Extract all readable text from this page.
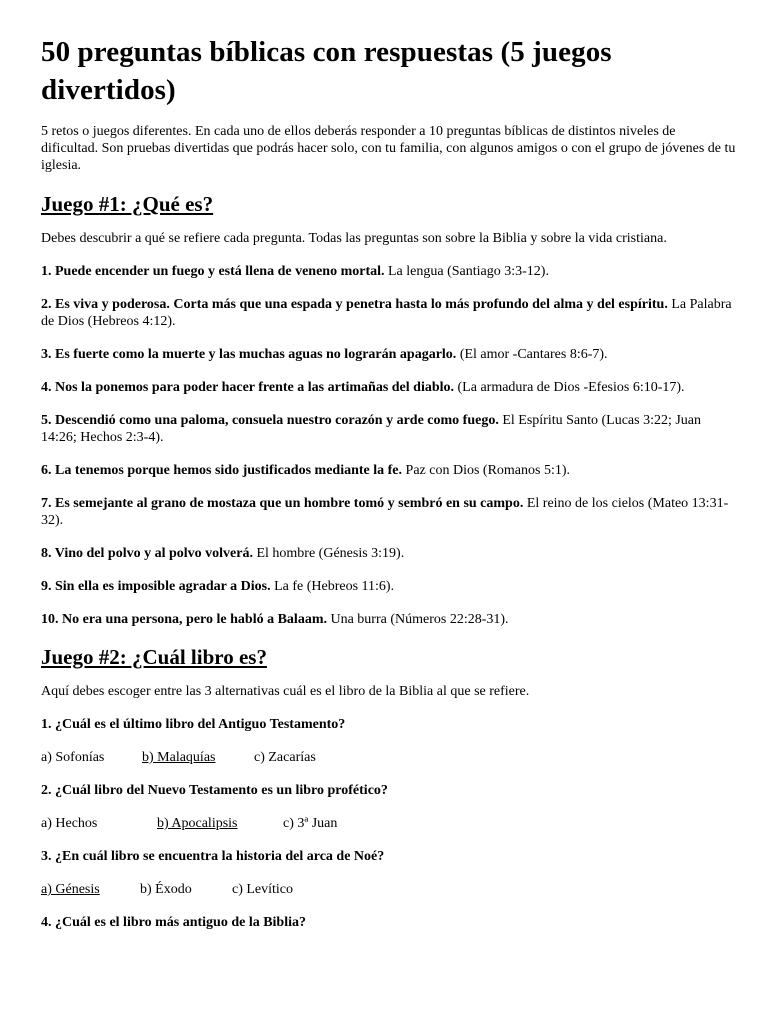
50 preguntas bíblicas con respuestas (5 juegos divertidos)

5 retos o juegos diferentes. En cada uno de ellos deberás responder a 10 preguntas bíblicas de distintos niveles de dificultad. Son pruebas divertidas que podrás hacer solo, con tu familia, con algunos amigos o con el grupo de jóvenes de tu iglesia.

Juego #1: ¿Qué es?

Debes descubrir a qué se refiere cada pregunta. Todas las preguntas son sobre la Biblia y sobre la vida cristiana.

1. Puede encender un fuego y está llena de veneno mortal. La lengua (Santiago 3:3-12).

2. Es viva y poderosa. Corta más que una espada y penetra hasta lo más profundo del alma y del espíritu. La Palabra de Dios (Hebreos 4:12).

3. Es fuerte como la muerte y las muchas aguas no lograrán apagarlo. (El amor -Cantares 8:6-7).

4. Nos la ponemos para poder hacer frente a las artimañas del diablo. (La armadura de Dios -Efesios 6:10-17).

5. Descendió como una paloma, consuela nuestro corazón y arde como fuego. El Espíritu Santo (Lucas 3:22; Juan 14:26; Hechos 2:3-4).

6. La tenemos porque hemos sido justificados mediante la fe. Paz con Dios (Romanos 5:1).

7. Es semejante al grano de mostaza que un hombre tomó y sembró en su campo. El reino de los cielos (Mateo 13:31-32).

8. Vino del polvo y al polvo volverá. El hombre (Génesis 3:19).

9. Sin ella es imposible agradar a Dios. La fe (Hebreos 11:6).

10. No era una persona, pero le habló a Balaam. Una burra (Números 22:28-31).

Juego #2: ¿Cuál libro es?

Aquí debes escoger entre las 3 alternativas cuál es el libro de la Biblia al que se refiere.

1. ¿Cuál es el último libro del Antiguo Testamento?

a) Sofonías	b) Malaquías	c) Zacarías

2. ¿Cuál libro del Nuevo Testamento es un libro profético?

a) Hechos	b) Apocalipsis	c) 3ª Juan

3. ¿En cuál libro se encuentra la historia del arca de Noé?

a) Génesis	b) Éxodo	c) Levítico

4. ¿Cuál es el libro más antiguo de la Biblia?
